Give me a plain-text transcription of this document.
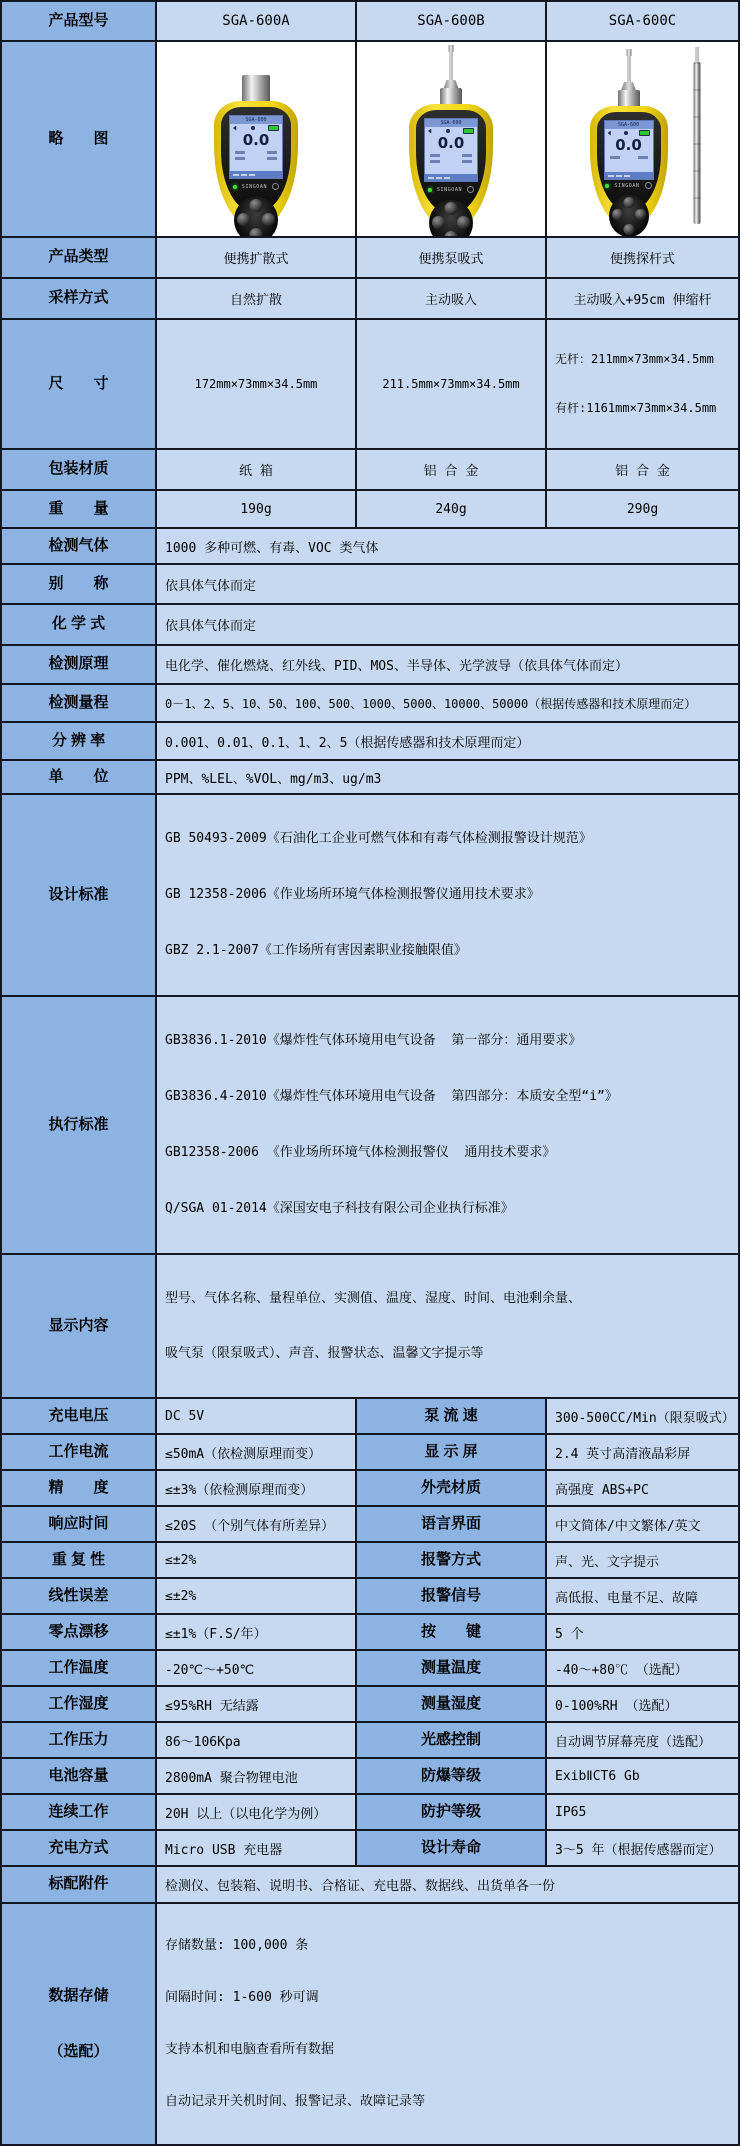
产品型号	SGA-600A	SGA-600B	SGA-600C
略　　图	
SGA-600
0.0
SINGOAN

SGA-600
0.0
SINGOAN

SGA-600
0.0
SINGOAN

产品类型	便携扩散式	便携泵吸式	便携探杆式
采样方式	自然扩散	主动吸入	主动吸入+95cm 伸缩杆
尺　　寸	172mm×73mm×34.5mm	211.5mm×73mm×34.5mm	无杆：211mm×73mm×34.5mm

有杆:1161mm×73mm×34.5mm

包装材质	纸 箱	铝 合 金	铝 合 金
重　　量	190g	240g	290g
检测气体	1000 多种可燃、有毒、VOC 类气体		
别　　称	依具体气体而定		
化 学 式	依具体气体而定		
检测原理	电化学、催化燃烧、红外线、PID、MOS、半导体、光学波导（依具体气体而定）		
检测量程	0－1、2、5、10、50、100、500、1000、5000、10000、50000（根据传感器和技术原理而定）		
分 辨 率	0.001、0.01、0.1、1、2、5（根据传感器和技术原理而定）		
单　　位	PPM、%LEL、%VOL、mg/m3、ug/m3		
设计标准	GB 50493-2009《石油化工企业可燃气体和有毒气体检测报警设计规范》

GB 12358-2006《作业场所环境气体检测报警仪通用技术要求》

GBZ 2.1-2007《工作场所有害因素职业接触限值》		

执行标准	GB3836.1-2010《爆炸性气体环境用电气设备  第一部分：通用要求》

GB3836.4-2010《爆炸性气体环境用电气设备  第四部分：本质安全型“i”》

GB12358-2006 《作业场所环境气体检测报警仪  通用技术要求》

Q/SGA 01-2014《深国安电子科技有限公司企业执行标准》		

显示内容	型号、气体名称、量程单位、实测值、温度、湿度、时间、电池剩余量、

吸气泵（限泵吸式）、声音、报警状态、温馨文字提示等		

充电电压	DC 5V	泵 流 速	300-500CC/Min（限泵吸式）
工作电流	≤50mA（依检测原理而变）	显 示 屏	2.4 英寸高清液晶彩屏
精　　度	≤±3%（依检测原理而变）	外壳材质	高强度 ABS+PC
响应时间	≤20S （个别气体有所差异）	语言界面	中文简体/中文繁体/英文
重 复 性	≤±2%	报警方式	声、光、文字提示
线性误差	≤±2%	报警信号	高低报、电量不足、故障
零点漂移	≤±1%（F.S/年）	按　　键	5 个
工作温度	-20℃～+50℃	测量温度	-40～+80℃ （选配）
工作湿度	≤95%RH 无结露	测量湿度	0-100%RH （选配）
工作压力	86～106Kpa	光感控制	自动调节屏幕亮度（选配）
电池容量	2800mA 聚合物锂电池	防爆等级	ExibⅡCT6 Gb
连续工作	20H 以上（以电化学为例）	防护等级	IP65
充电方式	Micro USB 充电器	设计寿命	3～5 年（根据传感器而定）
标配附件	检测仪、包装箱、说明书、合格证、充电器、数据线、出货单各一份		

数据存储

（选配）

存储数量: 100,000 条

间隔时间: 1-600 秒可调

支持本机和电脑查看所有数据

自动记录开关机时间、报警记录、故障记录等
